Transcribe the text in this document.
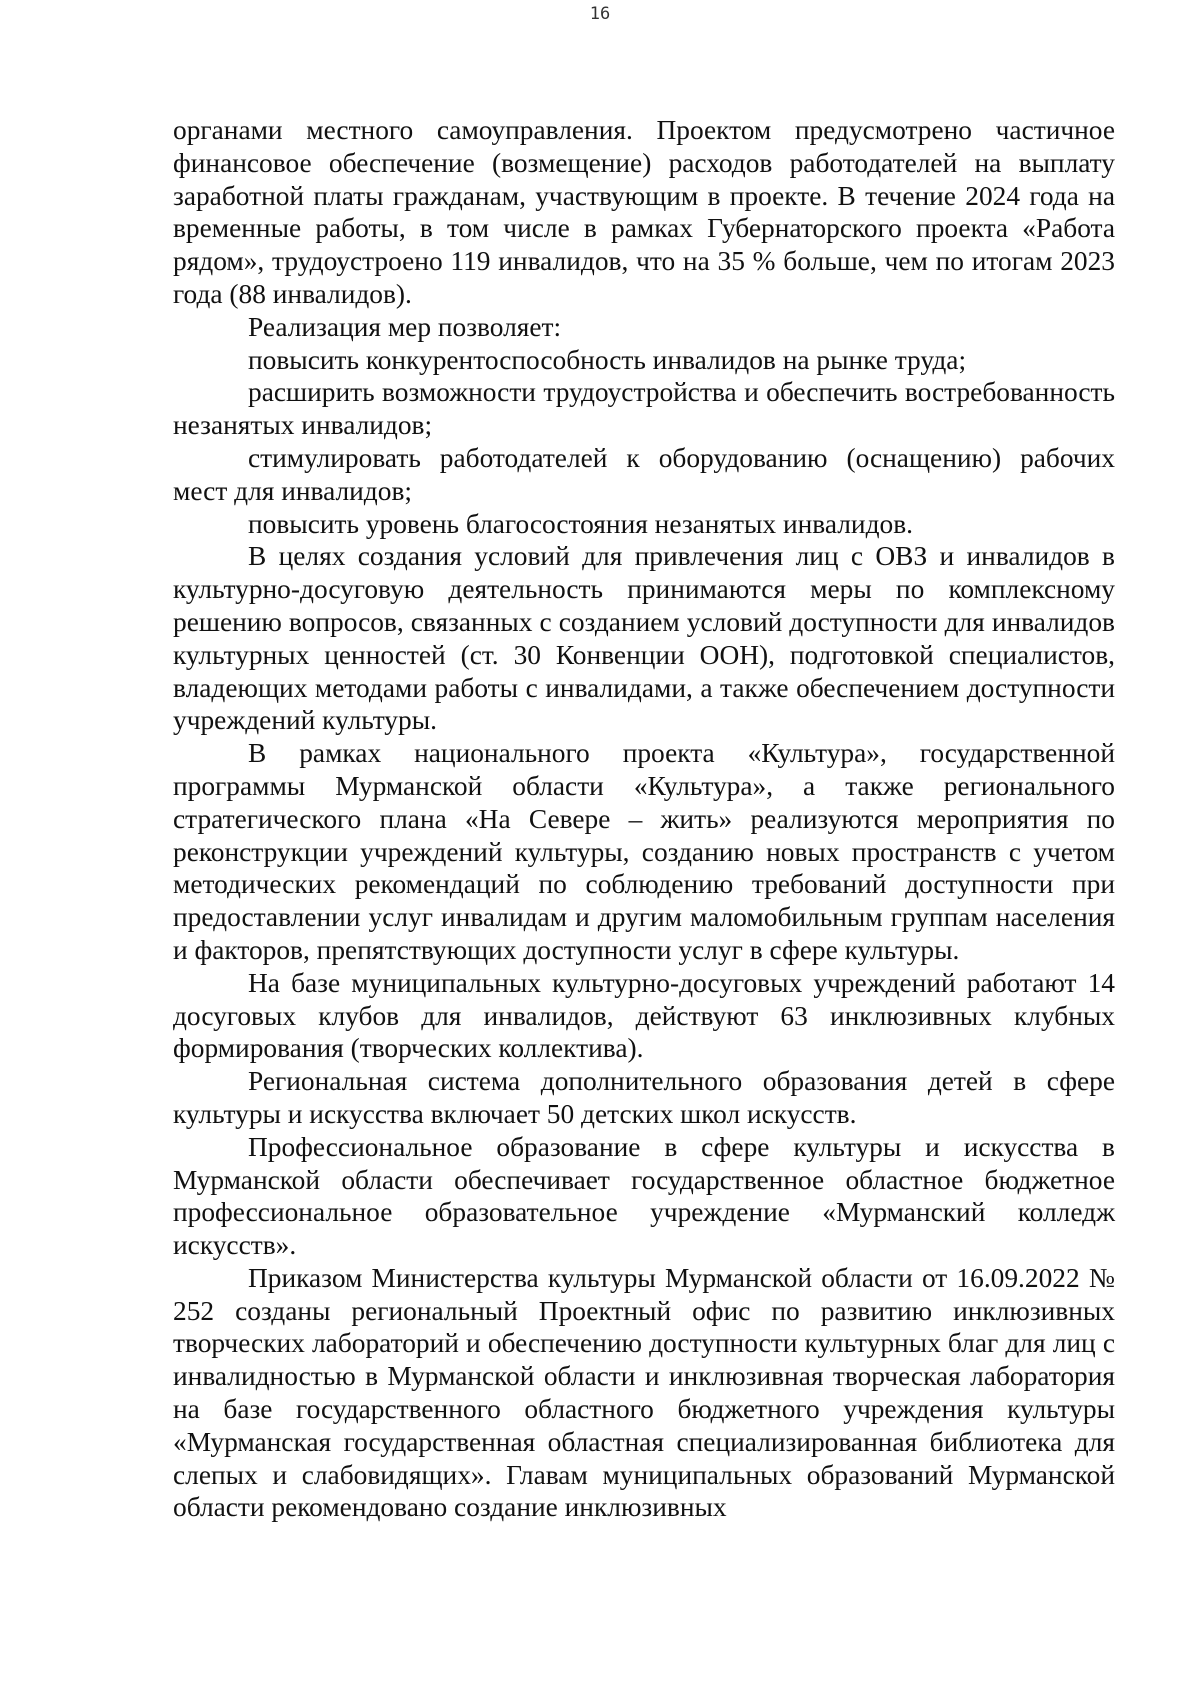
16

органами местного самоуправления. Проектом предусмотрено частичное финансовое обеспечение (возмещение) расходов работодателей на выплату заработной платы гражданам, участвующим в проекте. В течение 2024 года на временные работы, в том числе в рамках Губернаторского проекта «Работа рядом», трудоустроено 119 инвалидов, что на 35 % больше, чем по итогам 2023 года (88 инвалидов).

Реализация мер позволяет:

повысить конкурентоспособность инвалидов на рынке труда;

расширить возможности трудоустройства и обеспечить востребованность незанятых инвалидов;

стимулировать работодателей к оборудованию (оснащению) рабочих мест для инвалидов;

повысить уровень благосостояния незанятых инвалидов.

В целях создания условий для привлечения лиц с ОВЗ и инвалидов в культурно-досуговую деятельность принимаются меры по комплексному решению вопросов, связанных с созданием условий доступности для инвалидов культурных ценностей (ст. 30 Конвенции ООН), подготовкой специалистов, владеющих методами работы с инвалидами, а также обеспечением доступности учреждений культуры.

В рамках национального проекта «Культура», государственной программы Мурманской области «Культура», а также регионального стратегического плана «На Севере – жить» реализуются мероприятия по реконструкции учреждений культуры, созданию новых пространств с учетом методических рекомендаций по соблюдению требований доступности при предоставлении услуг инвалидам и другим маломобильным группам населения и факторов, препятствующих доступности услуг в сфере культуры.

На базе муниципальных культурно-досуговых учреждений работают 14 досуговых клубов для инвалидов, действуют 63 инклюзивных клубных формирования (творческих коллектива).

Региональная система дополнительного образования детей в сфере культуры и искусства включает 50 детских школ искусств.

Профессиональное образование в сфере культуры и искусства в Мурманской области обеспечивает государственное областное бюджетное профессиональное образовательное учреждение «Мурманский колледж искусств».

Приказом Министерства культуры Мурманской области от 16.09.2022 № 252 созданы региональный Проектный офис по развитию инклюзивных творческих лабораторий и обеспечению доступности культурных благ для лиц с инвалидностью в Мурманской области и инклюзивная творческая лаборатория на базе государственного областного бюджетного учреждения культуры «Мурманская государственная областная специализированная библиотека для слепых и слабовидящих». Главам муниципальных образований Мурманской области рекомендовано создание инклюзивных
